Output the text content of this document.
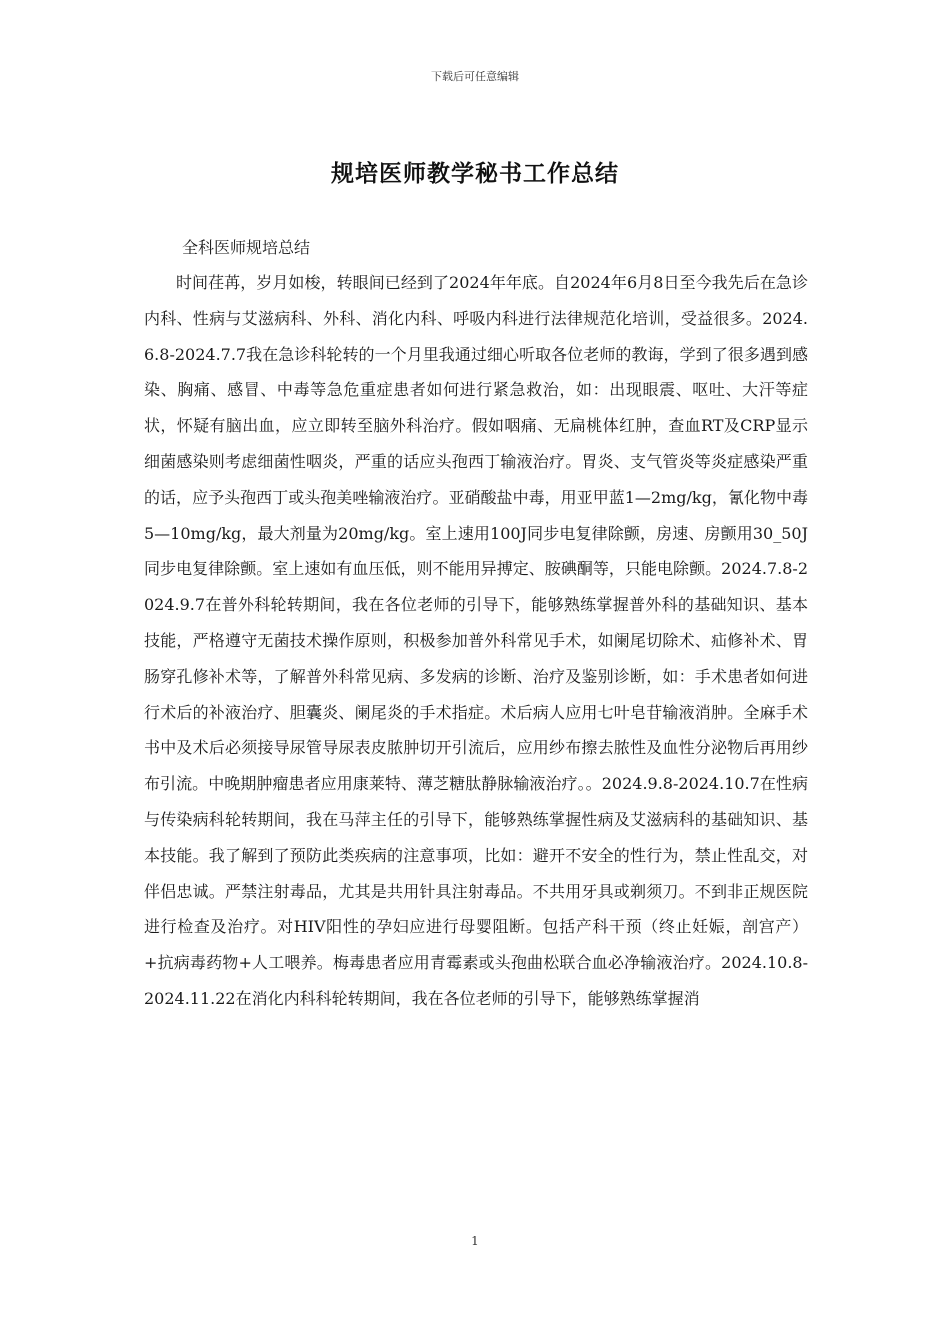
下载后可任意编辑
规培医师教学秘书工作总结
全科医师规培总结

时间荏苒，岁月如梭，转眼间已经到了2024年年底。自2024年6月8日至今我先后在急诊内科、性病与艾滋病科、外科、消化内科、呼吸内科进行法律规范化培训，受益很多。2024.6.8-2024.7.7我在急诊科轮转的一个月里我通过细心听取各位老师的教诲，学到了很多遇到感染、胸痛、感冒、中毒等急危重症患者如何进行紧急救治，如：出现眼震、呕吐、大汗等症状，怀疑有脑出血，应立即转至脑外科治疗。假如咽痛、无扁桃体红肿，查血RT及CRP显示细菌感染则考虑细菌性咽炎，严重的话应头孢西丁输液治疗。胃炎、支气管炎等炎症感染严重的话，应予头孢西丁或头孢美唑输液治疗。亚硝酸盐中毒，用亚甲蓝1—2mg/kg，氰化物中毒5—10mg/kg，最大剂量为20mg/kg。室上速用100J同步电复律除颤，房速、房颤用30_50J同步电复律除颤。室上速如有血压低，则不能用异搏定、胺碘酮等，只能电除颤。2024.7.8-2024.9.7在普外科轮转期间，我在各位老师的引导下，能够熟练掌握普外科的基础知识、基本技能，严格遵守无菌技术操作原则，积极参加普外科常见手术，如阑尾切除术、疝修补术、胃肠穿孔修补术等，了解普外科常见病、多发病的诊断、治疗及鉴别诊断，如：手术患者如何进行术后的补液治疗、胆囊炎、阑尾炎的手术指症。术后病人应用七叶皂苷输液消肿。全麻手术书中及术后必须接导尿管导尿表皮脓肿切开引流后，应用纱布擦去脓性及血性分泌物后再用纱布引流。中晚期肿瘤患者应用康莱特、薄芝糖肽静脉输液治疗。。2024.9.8-2024.10.7在性病与传染病科轮转期间，我在马萍主任的引导下，能够熟练掌握性病及艾滋病科的基础知识、基本技能。我了解到了预防此类疾病的注意事项，比如：避开不安全的性行为，禁止性乱交，对伴侣忠诚。严禁注射毒品，尤其是共用针具注射毒品。不共用牙具或剃须刀。不到非正规医院进行检查及治疗。对HIV阳性的孕妇应进行母婴阻断。包括产科干预（终止妊娠，剖宫产）+抗病毒药物+人工喂养。梅毒患者应用青霉素或头孢曲松联合血必净输液治疗。2024.10.8-2024.11.22在消化内科科轮转期间，我在各位老师的引导下，能够熟练掌握消

1
